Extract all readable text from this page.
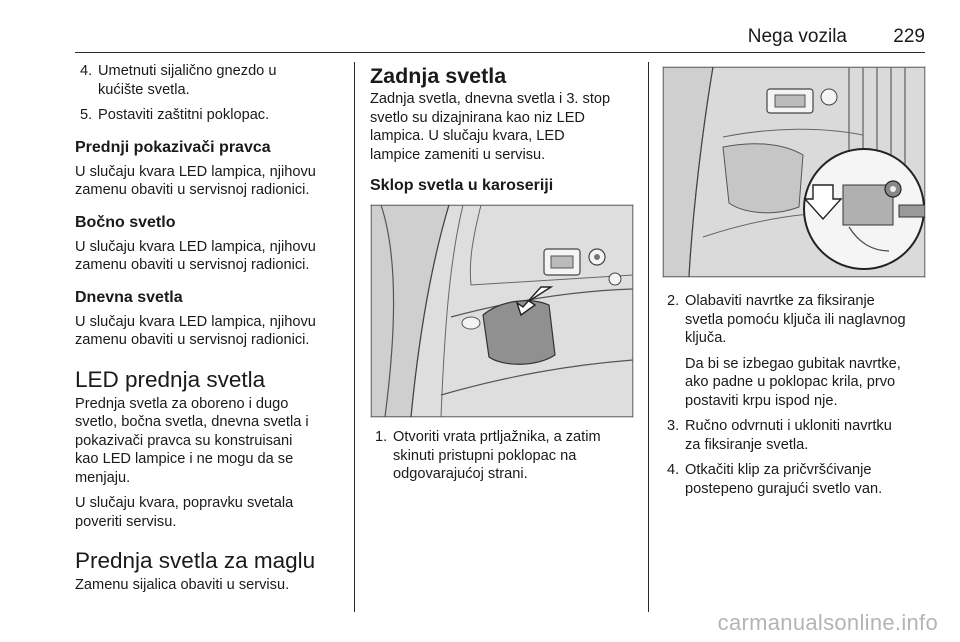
Nega vozila 229
4. Umetnuti sijalično gnezdo u
kućište svetla.
5. Postaviti zaštitni poklopac.
Prednji pokazivači pravca

U slučaju kvara LED lampica, njihovu
zamenu obaviti u servisnoj radionici.

Bočno svetlo

U slučaju kvara LED lampica, njihovu
zamenu obaviti u servisnoj radionici.

Dnevna svetla

U slučaju kvara LED lampica, njihovu
zamenu obaviti u servisnoj radionici.

LED prednja svetla

Prednja svetla za oboreno i dugo
svetlo, bočna svetla, dnevna svetla i
pokazivači pravca su konstruisani
kao LED lampice i ne mogu da se
menjaju.

U slučaju kvara, popravku svetala
poveriti servisu.

Prednja svetla za maglu

Zamenu sijalica obaviti u servisu.

Zadnja svetla

Zadnja svetla, dnevna svetla i 3. stop
svetlo su dizajnirana kao niz LED
lampica. U slučaju kvara, LED
lampice zameniti u servisu.

Sklop svetla u karoseriji
1. Otvoriti vrata prtljažnika, a zatim
skinuti pristupni poklopac na
odgovarajućoj strani.
2. Olabaviti navrtke za fiksiranje
svetla pomoću ključa ili naglavnog
ključa.
Da bi se izbegao gubitak navrtke,
ako padne u poklopac krila, prvo
postaviti krpu ispod nje.
3. Ručno odvrnuti i ukloniti navrtku
za fiksiranje svetla.
4. Otkačiti klip za pričvršćivanje
postepeno gurajući svetlo van.
carmanualsonline.info
